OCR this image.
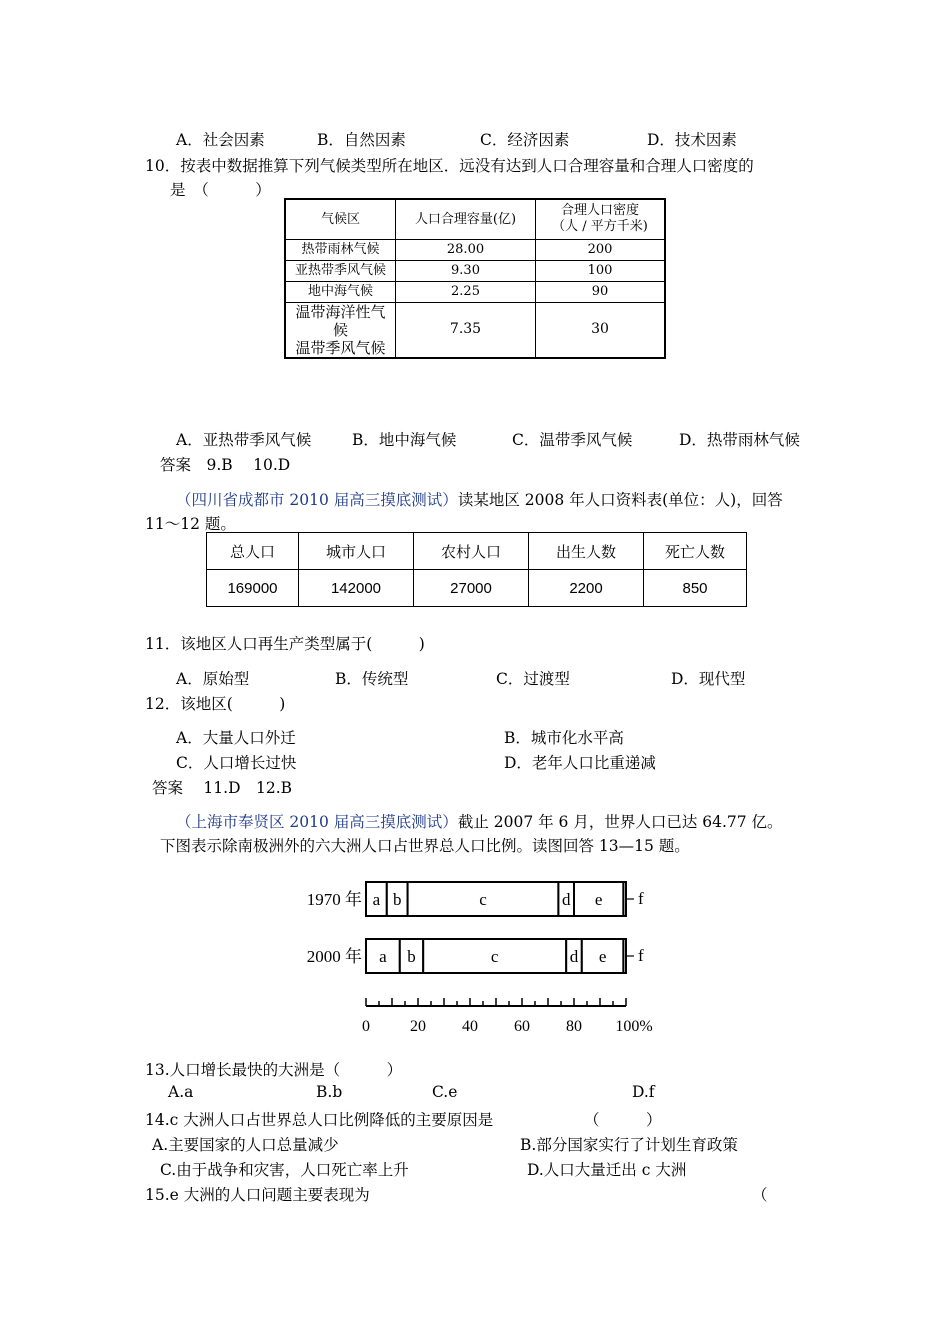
A．社会因素	B．自然因素	C．经济因素	D．技术因素
10．按表中数据推算下列气候类型所在地区．远没有达到人口合理容量和合理人口密度的
是　（　　　）
气候区	人口合理容量(亿)	合理人口密度
（人 / 平方千米)

热带雨林气候	28.00	200
亚热带季风气候	9.30	100
地中海气候	2.25	90

温带海洋性气
候
温带季风气候	7.35	30
A．亚热带季风气候	B．地中海气候	C．温带季风气候	D．热带雨林气候
答案　9.B　 10.D
（四川省成都市 2010 届高三摸底测试）读某地区 2008 年人口资料表(单位：人)，回答
11～12 题。
总人口	城市人口	农村人口	出生人数	死亡人数
169000	142000	27000	2200	850
11．该地区人口再生产类型属于(　　　)
A．原始型	B．传统型	C．过渡型	D．现代型
12．该地区(　　　)
A．大量人口外迁	B．城市化水平高
C．人口增长过快	D．老年人口比重递减
答案　 11.D　12.B
（上海市奉贤区 2010 届高三摸底测试）截止 2007 年 6 月，世界人口已达 64.77 亿。
下图表示除南极洲外的六大洲人口占世界总人口比例。读图回答 13—15 题。
1970 年 a b	c	d e f
2000 年 a b	c	d e f
0	20 40 60 80 100%
13.人口增长最快的大洲是（　　　）
A.a	B.b	C.e	D.f
14.c 大洲人口占世界总人口比例降低的主要原因是	（　　　）
A.主要国家的人口总量减少	B.部分国家实行了计划生育政策
C.由于战争和灾害，人口死亡率上升	D.人口大量迁出 c 大洲
15.e 大洲的人口问题主要表现为	（
